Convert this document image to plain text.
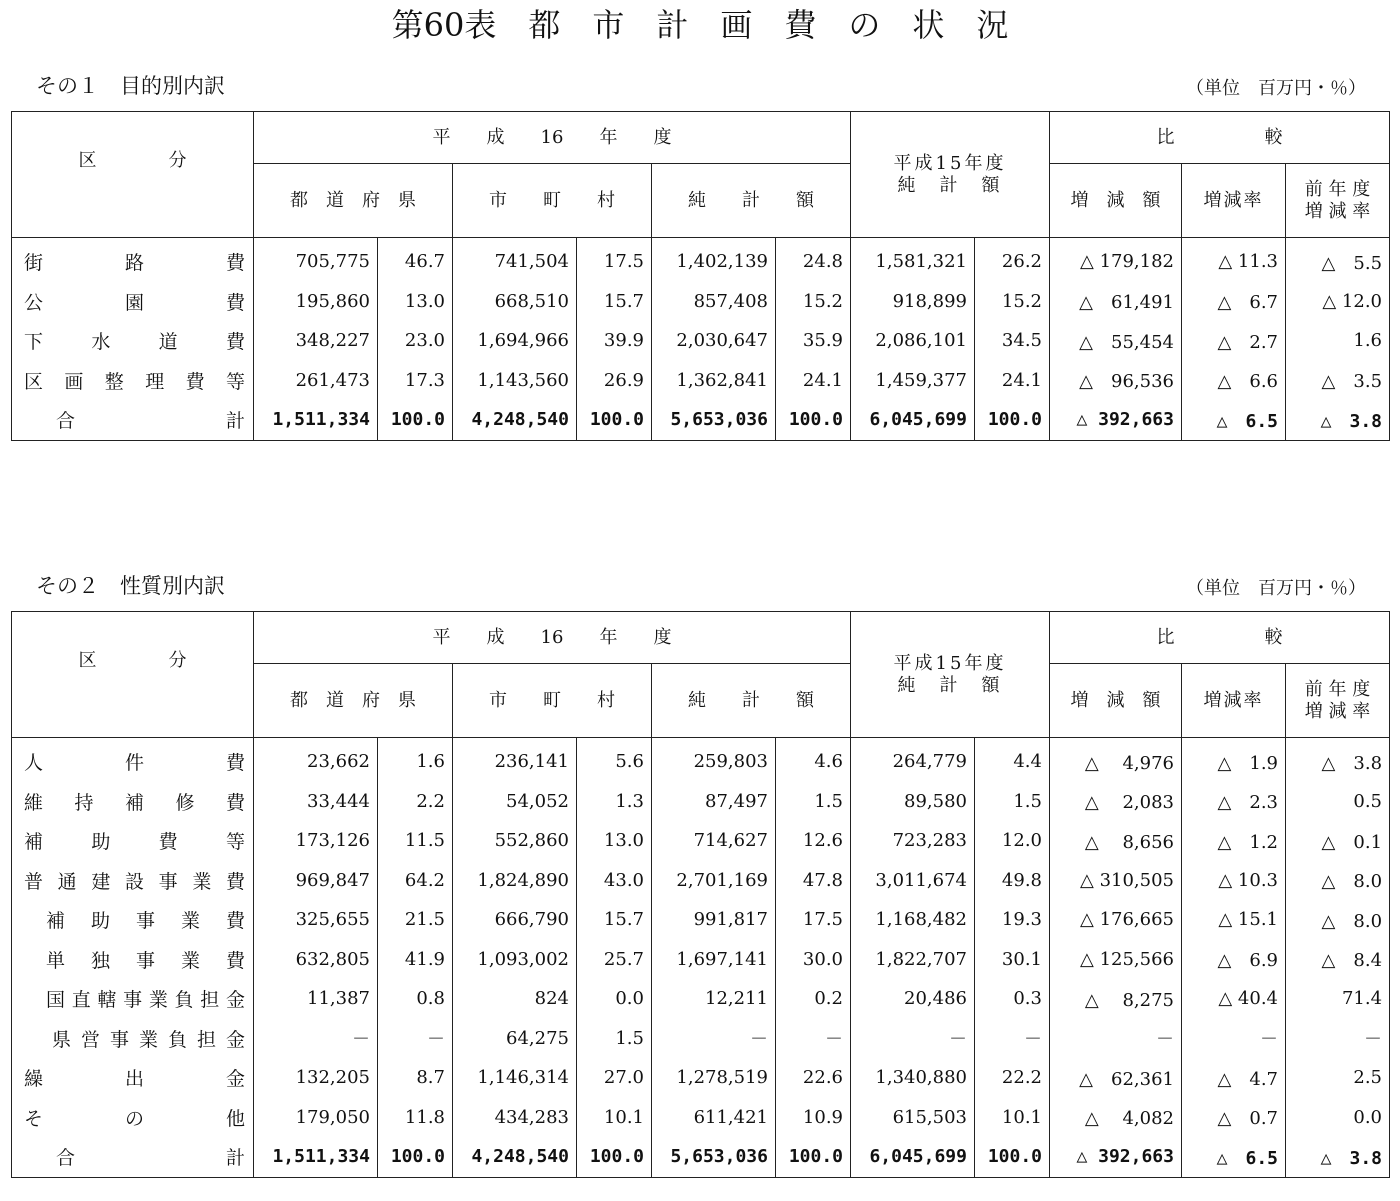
第60表　都　市　計　画　費　の　状　況
その１　目的別内訳	（単位　百万円・％）
区　　　　分	平　　成　　16　　年　　度						平成15年度
純　計　額		比　　　　　較		
	都　道　府　県		市　　町　　村		純　　計　　額				増　減　額	増減率	前 年 度
増 減 率

街路費	705,775	46.7	741,504	17.5	1,402,139	24.8	1,581,321	26.2	△ 179,182	△ 11.3	△　5.5

公園費	195,860	13.0	668,510	15.7	857,408	15.2	918,899	15.2	△　61,491	△　6.7	△ 12.0

下水道費	348,227	23.0	1,694,966	39.9	2,030,647	35.9	2,086,101	34.5	△　55,454	△　2.7	1.6

区画整理費等	261,473	17.3	1,143,560	26.9	1,362,841	24.1	1,459,377	24.1	△　96,536	△　6.6	△　3.5

合計	1,511,334	100.0	4,248,540	100.0	5,653,036	100.0	6,045,699	100.0	△ 392,663	△　6.5	△　3.8
その２　性質別内訳	（単位　百万円・％）
区　　　　分	平　　成　　16　　年　　度						平成15年度
純　計　額		比　　　　　較		
	都　道　府　県		市　　町　　村		純　　計　　額				増　減　額	増減率	前 年 度
増 減 率

人件費	23,662	1.6	236,141	5.6	259,803	4.6	264,779	4.4	△　 4,976	△　1.9	△　3.8

維持補修費	33,444	2.2	54,052	1.3	87,497	1.5	89,580	1.5	△　 2,083	△　2.3	0.5

補助費等	173,126	11.5	552,860	13.0	714,627	12.6	723,283	12.0	△　 8,656	△　1.2	△　0.1

普通建設事業費	969,847	64.2	1,824,890	43.0	2,701,169	47.8	3,011,674	49.8	△ 310,505	△ 10.3	△　8.0

補助事業費	325,655	21.5	666,790	15.7	991,817	17.5	1,168,482	19.3	△ 176,665	△ 15.1	△　8.0

単独事業費	632,805	41.9	1,093,002	25.7	1,697,141	30.0	1,822,707	30.1	△ 125,566	△　6.9	△　8.4

国直轄事業負担金	11,387	0.8	824	0.0	12,211	0.2	20,486	0.3	△　 8,275	△ 40.4	71.4

県営事業負担金	－	－	64,275	1.5	－	－	－	－	－	－	－

繰出金	132,205	8.7	1,146,314	27.0	1,278,519	22.6	1,340,880	22.2	△　62,361	△　4.7	2.5

その他	179,050	11.8	434,283	10.1	611,421	10.9	615,503	10.1	△　 4,082	△　0.7	0.0

合計	1,511,334	100.0	4,248,540	100.0	5,653,036	100.0	6,045,699	100.0	△ 392,663	△　6.5	△　3.8
